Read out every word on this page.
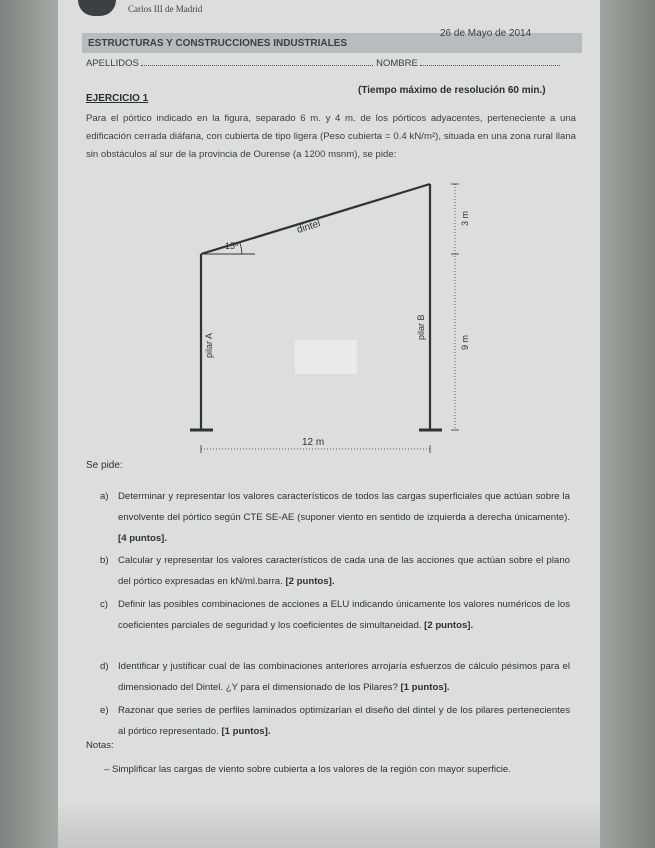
Carlos III de Madrid
ESTRUCTURAS Y CONSTRUCCIONES INDUSTRIALES
26 de Mayo de 2014
APELLIDOS	NOMBRE
EJERCICIO 1
(Tiempo máximo de resolución 60 min.)
Para el pórtico indicado en la figura, separado 6 m. y 4 m. de los pórticos adyacentes, perteneciente a una edificación cerrada diáfana, con cubierta de tipo ligera (Peso cubierta = 0.4 kN/m²), situada en una zona rural llana sin obstáculos al sur de la provincia de Ourense (a 1200 msnm), se pide:
dintel
15º
pilar A
pilar B
12 m
9 m
3 m
Se pide:
a) Determinar y representar los valores característicos de todos las cargas superficiales que actúan sobre la envolvente del pórtico según CTE SE-AE (suponer viento en sentido de izquierda a derecha únicamente). [4 puntos].
b) Calcular y representar los valores característicos de cada una de las acciones que actúan sobre el plano del pórtico expresadas en kN/ml.barra. [2 puntos].
c) Definir las posibles combinaciones de acciones a ELU indicando únicamente los valores numéricos de los coeficientes parciales de seguridad y los coeficientes de simultaneidad. [2 puntos].
d) Identificar y justificar cual de las combinaciones anteriores arrojaría esfuerzos de cálculo pésimos para el dimensionado del Dintel. ¿Y para el dimensionado de los Pilares? [1 puntos].
e) Razonar que series de perfiles laminados optimizarían el diseño del dintel y de los pilares pertenecientes al pórtico representado. [1 puntos].
Notas:
– Simplificar las cargas de viento sobre cubierta a los valores de la región con mayor superficie.
